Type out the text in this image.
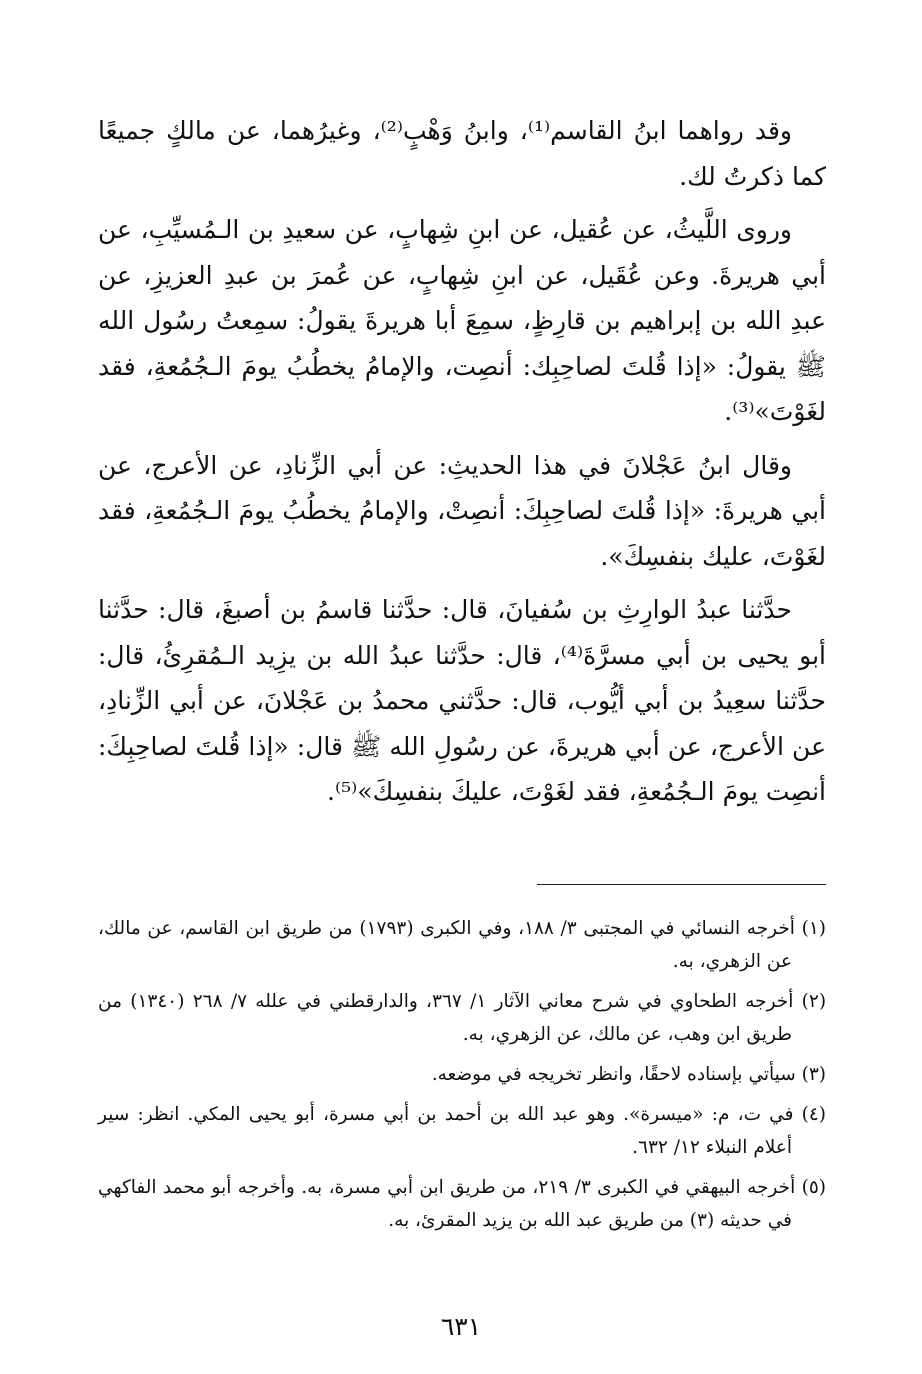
وقد رواهما ابنُ القاسم⁽¹⁾، وابنُ وَهْبٍ⁽²⁾، وغيرُهما، عن مالكٍ جميعًا كما ذكرتُ لك.

وروى اللَّيثُ، عن عُقيل، عن ابنِ شِهابٍ، عن سعيدِ بن الـمُسيِّبِ، عن أبي هريرةَ. وعن عُقَيل، عن ابنِ شِهابٍ، عن عُمرَ بن عبدِ العزيزِ، عن عبدِ الله بن إبراهيم بن قارِظٍ، سمِعَ أبا هريرةَ يقولُ: سمِعتُ رسُول الله ﷺ يقولُ: «إذا قُلتَ لصاحِبِك: أنصِت، والإمامُ يخطُبُ يومَ الـجُمُعةِ، فقد لغَوْتَ»⁽³⁾.

وقال ابنُ عَجْلانَ في هذا الحديثِ: عن أبي الزِّنادِ، عن الأعرج، عن أبي هريرةَ: «إذا قُلتَ لصاحِبِكَ: أنصِتْ، والإمامُ يخطُبُ يومَ الـجُمُعةِ، فقد لغَوْتَ، عليك بنفسِكَ».

حدَّثنا عبدُ الوارِثِ بن سُفيانَ، قال: حدَّثنا قاسمُ بن أصبغَ، قال: حدَّثنا أبو يحيى بن أبي مسرَّةَ⁽⁴⁾، قال: حدَّثنا عبدُ الله بن يزِيد الـمُقرِئُ، قال: حدَّثنا سعِيدُ بن أبي أيُّوب، قال: حدَّثني محمدُ بن عَجْلانَ، عن أبي الزِّنادِ، عن الأعرج، عن أبي هريرةَ، عن رسُولِ الله ﷺ قال: «إذا قُلتَ لصاحِبِكَ: أنصِت يومَ الـجُمُعةِ، فقد لغَوْتَ، عليكَ بنفسِكَ»⁽⁵⁾.

(١) أخرجه النسائي في المجتبى ٣/ ١٨٨، وفي الكبرى (١٧٩٣) من طريق ابن القاسم، عن مالك، عن الزهري، به.

(٢) أخرجه الطحاوي في شرح معاني الآثار ١/ ٣٦٧، والدارقطني في علله ٧/ ٢٦٨ (١٣٤٠) من طريق ابن وهب، عن مالك، عن الزهري، به.

(٣) سيأتي بإسناده لاحقًا، وانظر تخريجه في موضعه.

(٤) في ت، م: «ميسرة». وهو عبد الله بن أحمد بن أبي مسرة، أبو يحيى المكي. انظر: سير أعلام النبلاء ١٢/ ٦٣٢.

(٥) أخرجه البيهقي في الكبرى ٣/ ٢١٩، من طريق ابن أبي مسرة، به. وأخرجه أبو محمد الفاكهي في حديثه (٣) من طريق عبد الله بن يزيد المقرئ، به.

٦٣١
